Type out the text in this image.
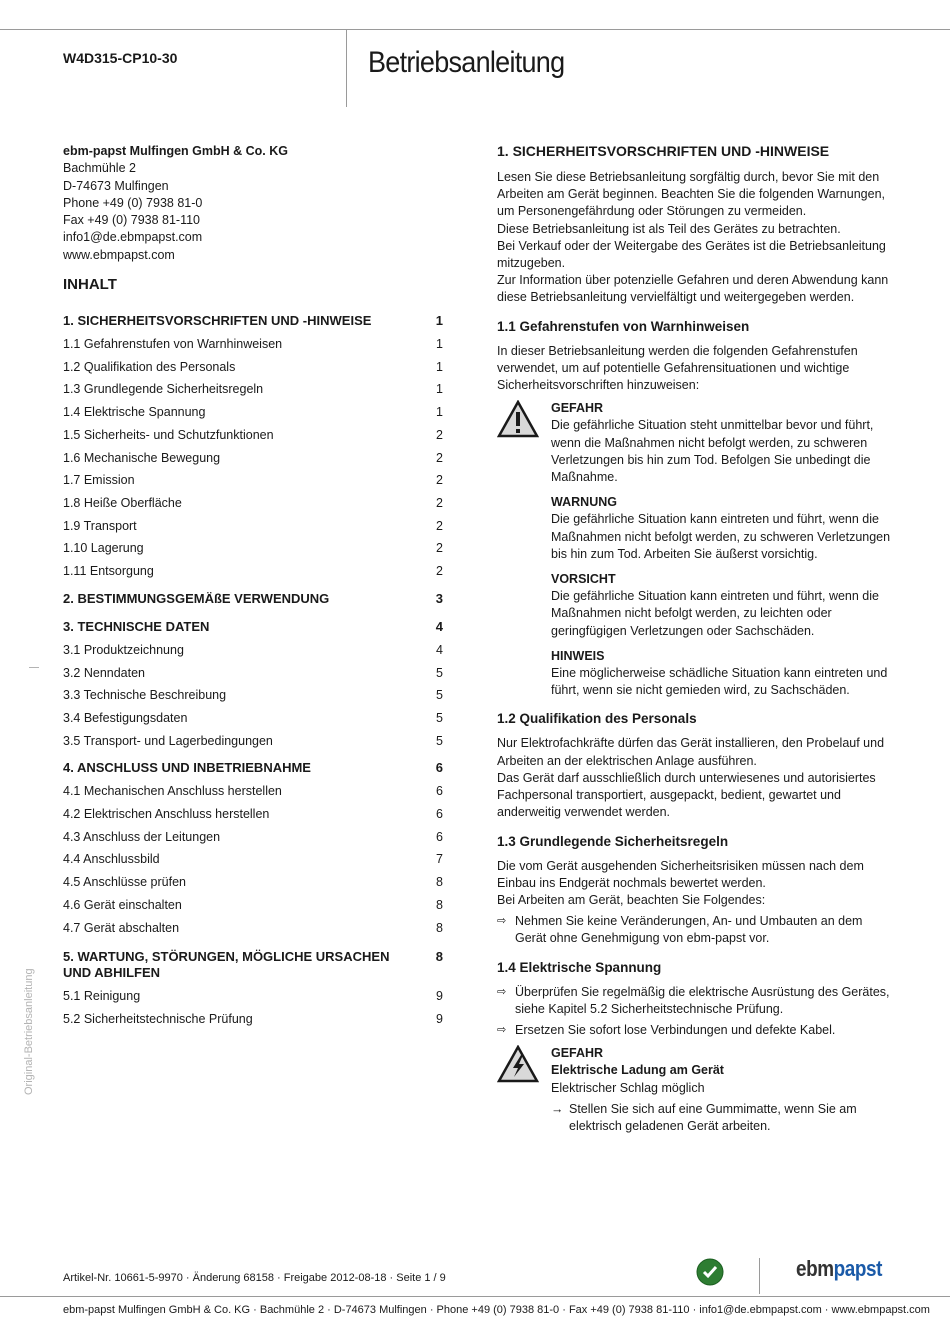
W4D315-CP10-30	Betriebsanleitung
ebm-papst Mulfingen GmbH & Co. KG
Bachmühle 2
D-74673 Mulfingen
Phone +49 (0) 7938 81-0
Fax +49 (0) 7938 81-110
info1@de.ebmpapst.com
www.ebmpapst.com
INHALT
1. SICHERHEITSVORSCHRIFTEN UND -HINWEISE	1
1.1 Gefahrenstufen von Warnhinweisen	1
1.2 Qualifikation des Personals	1
1.3 Grundlegende Sicherheitsregeln	1
1.4 Elektrische Spannung	1
1.5 Sicherheits- und Schutzfunktionen	2
1.6 Mechanische Bewegung	2
1.7 Emission	2
1.8 Heiße Oberfläche	2
1.9 Transport	2
1.10 Lagerung	2
1.11 Entsorgung	2
2. BESTIMMUNGSGEMÄßE VERWENDUNG	3
3. TECHNISCHE DATEN	4
3.1 Produktzeichnung	4
3.2 Nenndaten	5
3.3 Technische Beschreibung	5
3.4 Befestigungsdaten	5
3.5 Transport- und Lagerbedingungen	5
4. ANSCHLUSS UND INBETRIEBNAHME	6
4.1 Mechanischen Anschluss herstellen	6
4.2 Elektrischen Anschluss herstellen	6
4.3 Anschluss der Leitungen	6
4.4 Anschlussbild	7
4.5 Anschlüsse prüfen	8
4.6 Gerät einschalten	8
4.7 Gerät abschalten	8
5. WARTUNG, STÖRUNGEN, MÖGLICHE URSACHEN UND ABHILFEN
8
5.1 Reinigung	9
5.2 Sicherheitstechnische Prüfung	9
1. SICHERHEITSVORSCHRIFTEN UND -HINWEISE

Lesen Sie diese Betriebsanleitung sorgfältig durch, bevor Sie mit den Arbeiten am Gerät beginnen. Beachten Sie die folgenden Warnungen, um Personengefährdung oder Störungen zu vermeiden.
Diese Betriebsanleitung ist als Teil des Gerätes zu betrachten.
Bei Verkauf oder der Weitergabe des Gerätes ist die Betriebsanleitung mitzugeben.
Zur Information über potenzielle Gefahren und deren Abwendung kann diese Betriebsanleitung vervielfältigt und weitergegeben werden.

1.1 Gefahrenstufen von Warnhinweisen

In dieser Betriebsanleitung werden die folgenden Gefahrenstufen verwendet, um auf potentielle Gefahrensituationen und wichtige Sicherheitsvorschriften hinzuweisen:

GEFAHR

Die gefährliche Situation steht unmittelbar bevor und führt, wenn die Maßnahmen nicht befolgt werden, zu schweren Verletzungen bis hin zum Tod. Befolgen Sie unbedingt die Maßnahme.

WARNUNG

Die gefährliche Situation kann eintreten und führt, wenn die Maßnahmen nicht befolgt werden, zu schweren Verletzungen bis hin zum Tod. Arbeiten Sie äußerst vorsichtig.

VORSICHT

Die gefährliche Situation kann eintreten und führt, wenn die Maßnahmen nicht befolgt werden, zu leichten oder geringfügigen Verletzungen oder Sachschäden.

HINWEIS

Eine möglicherweise schädliche Situation kann eintreten und führt, wenn sie nicht gemieden wird, zu Sachschäden.

1.2 Qualifikation des Personals

Nur Elektrofachkräfte dürfen das Gerät installieren, den Probelauf und Arbeiten an der elektrischen Anlage ausführen.
Das Gerät darf ausschließlich durch unterwiesenes und autorisiertes Fachpersonal transportiert, ausgepackt, bedient, gewartet und anderweitig verwendet werden.

1.3 Grundlegende Sicherheitsregeln

Die vom Gerät ausgehenden Sicherheitsrisiken müssen nach dem Einbau ins Endgerät nochmals bewertet werden.
Bei Arbeiten am Gerät, beachten Sie Folgendes:

⇨ Nehmen Sie keine Veränderungen, An- und Umbauten an dem Gerät ohne Genehmigung von ebm-papst vor.
1.4 Elektrische Spannung
⇨ Überprüfen Sie regelmäßig die elektrische Ausrüstung des Gerätes, siehe Kapitel 5.2 Sicherheitstechnische Prüfung.
⇨ Ersetzen Sie sofort lose Verbindungen und defekte Kabel.
GEFAHR
Elektrische Ladung am Gerät

Elektrischer Schlag möglich

→ Stellen Sie sich auf eine Gummimatte, wenn Sie am elektrisch geladenen Gerät arbeiten.
Original-Betriebsanleitung
Artikel-Nr. 10661-5-9970 · Änderung 68158 · Freigabe 2012-08-18 · Seite 1 / 9	ebmpapst
ebm-papst Mulfingen GmbH & Co. KG · Bachmühle 2 · D-74673 Mulfingen · Phone +49 (0) 7938 81-0 · Fax +49 (0) 7938 81-110 · info1@de.ebmpapst.com · www.ebmpapst.com
